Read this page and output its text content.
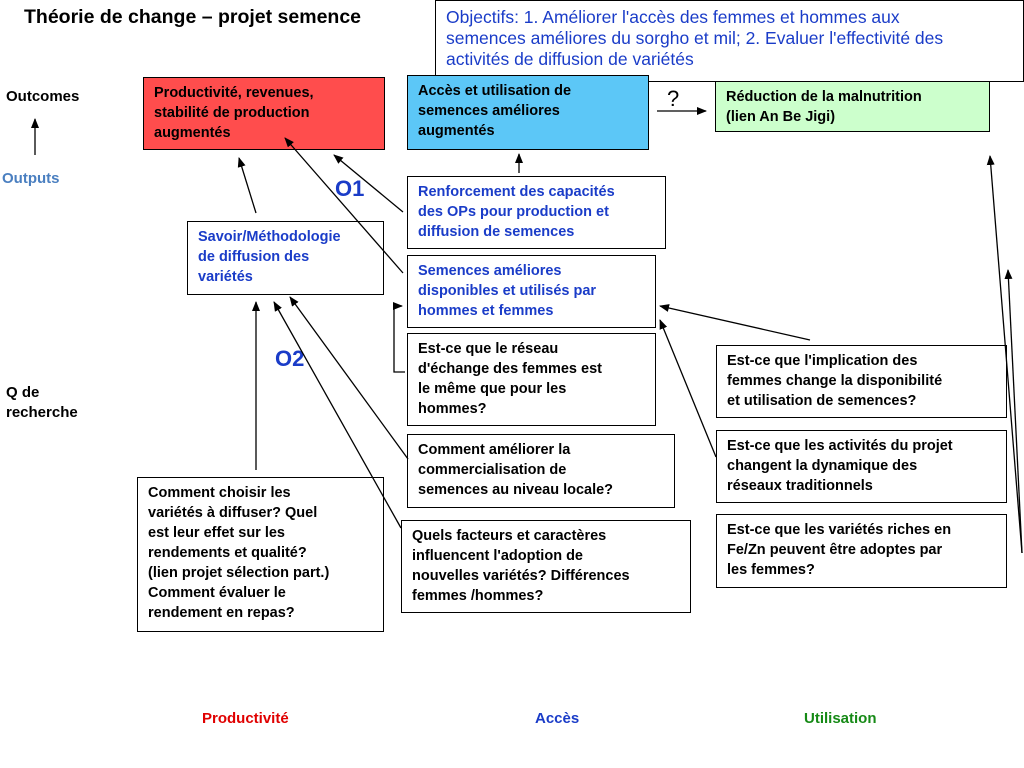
Théorie de change – projet semence	Objectifs: 1. Améliorer l'accès des femmes et hommes aux
semences améliores du sorgho et mil; 2. Evaluer l'effectivité des
activités de diffusion de variétés
Outcomes
Outputs
Q de
recherche
O1
O2
?
Productivité, revenues,
stabilité de production
augmentés
Accès et utilisation de
semences améliores
augmentés
Réduction de la malnutrition
(lien An Be Jigi)
Savoir/Méthodologie
de diffusion des
variétés
Renforcement des capacités
des OPs pour production et
diffusion de semences
Semences améliores
disponibles et utilisés par
hommes et femmes
Est-ce que le réseau
d'échange des femmes est
le même que pour les
hommes?
Comment améliorer la
commercialisation de
semences au niveau locale?
Comment choisir les
variétés à diffuser? Quel
est leur effet sur les
rendements et qualité?
(lien projet sélection part.)
Comment évaluer le
rendement en repas?
Quels facteurs et caractères
influencent l'adoption de
nouvelles variétés? Différences
femmes /hommes?
Est-ce que l'implication des
femmes change la disponibilité
et utilisation de semences?
Est-ce que les activités du projet
changent la dynamique des
réseaux traditionnels
Est-ce que les variétés riches en
Fe/Zn peuvent être adoptes par
les femmes?
Productivité	Accès	Utilisation
